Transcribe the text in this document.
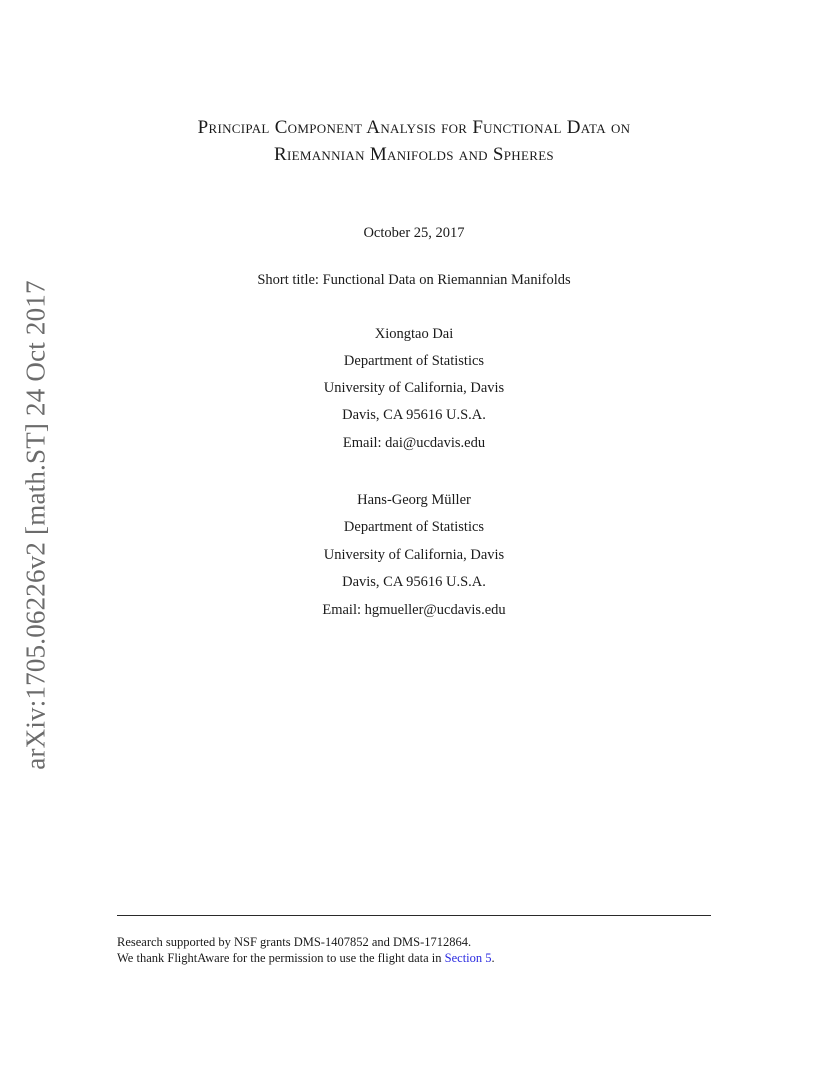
arXiv:1705.06226v2 [math.ST] 24 Oct 2017
Principal Component Analysis for Functional Data on
Riemannian Manifolds and Spheres
October 25, 2017
Short title: Functional Data on Riemannian Manifolds
Xiongtao Dai
Department of Statistics
University of California, Davis
Davis, CA 95616 U.S.A.
Email: dai@ucdavis.edu
Hans-Georg Müller
Department of Statistics
University of California, Davis
Davis, CA 95616 U.S.A.
Email: hgmueller@ucdavis.edu
Research supported by NSF grants DMS-1407852 and DMS-1712864.
We thank FlightAware for the permission to use the flight data in Section 5.
